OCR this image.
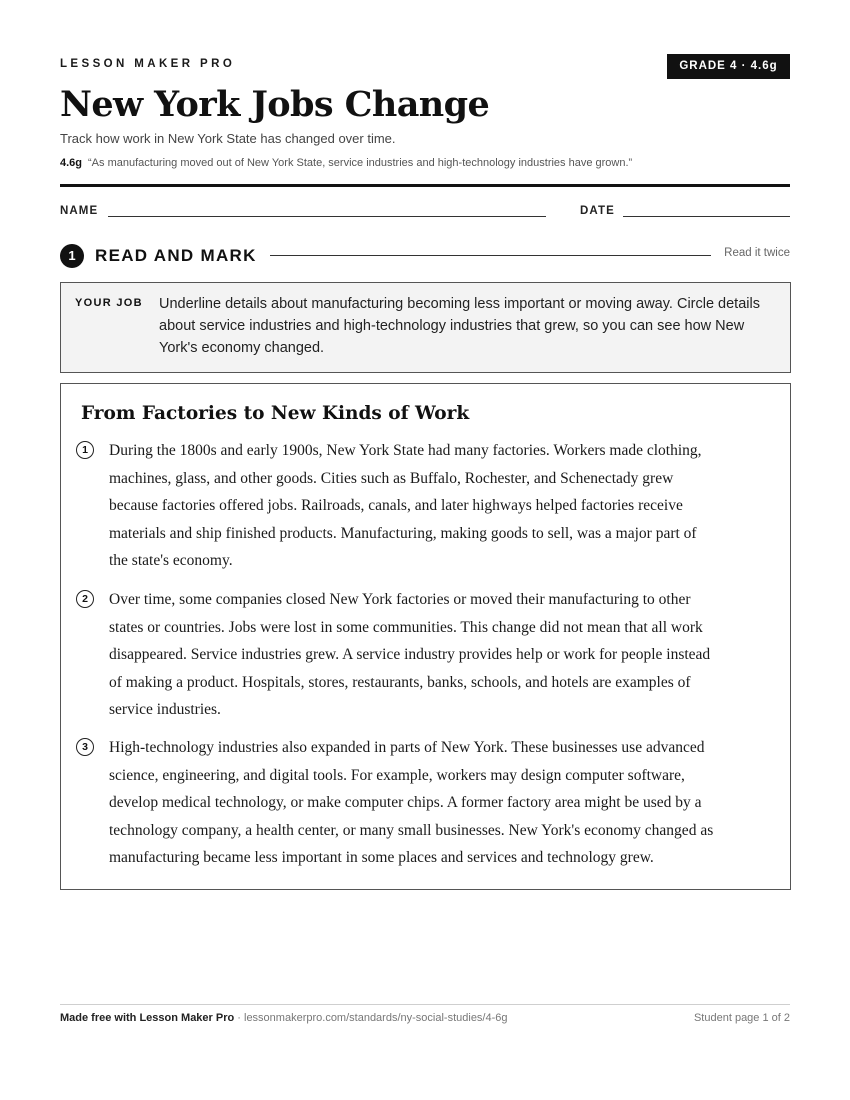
LESSON MAKER PRO	GRADE 4 · 4.6g
New York Jobs Change
Track how work in New York State has changed over time.
4.6g “As manufacturing moved out of New York State, service industries and high-technology industries have grown.”
NAME	DATE
1	READ AND MARK	Read it twice
YOUR JOB Underline details about manufacturing becoming less important or moving away. Circle details about service industries and high-technology industries that grew, so you can see how New York's economy changed.
From Factories to New Kinds of Work
1	During the 1800s and early 1900s, New York State had many factories. Workers made clothing,
machines, glass, and other goods. Cities such as Buffalo, Rochester, and Schenectady grew
because factories offered jobs. Railroads, canals, and later highways helped factories receive
materials and ship finished products. Manufacturing, making goods to sell, was a major part of
the state's economy.
2	Over time, some companies closed New York factories or moved their manufacturing to other
states or countries. Jobs were lost in some communities. This change did not mean that all work
disappeared. Service industries grew. A service industry provides help or work for people instead
of making a product. Hospitals, stores, restaurants, banks, schools, and hotels are examples of
service industries.
3	High-technology industries also expanded in parts of New York. These businesses use advanced
science, engineering, and digital tools. For example, workers may design computer software,
develop medical technology, or make computer chips. A former factory area might be used by a
technology company, a health center, or many small businesses. New York's economy changed as
manufacturing became less important in some places and services and technology grew.
Made free with Lesson Maker Pro · lessonmakerpro.com/standards/ny-social-studies/4-6g	Student page 1 of 2
